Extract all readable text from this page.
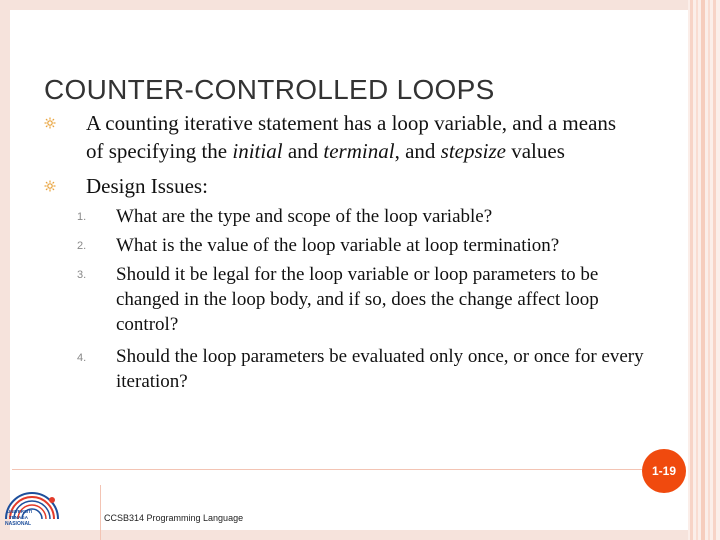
COUNTER-CONTROLLED LOOPS
A counting iterative statement has a loop variable, and a means
of specifying the initial and terminal, and stepsize values
Design Issues:
1.	What are the type and scope of the loop variable?
2.	What is the value of the loop variable at loop termination?
3.	Should it be legal for the loop variable or loop parameters to be
changed in the loop body, and if so, does the change affect loop
control?
4.	Should the loop parameters be evaluated only once, or once for every
iteration?
1-19
CCSB314 Programming Language
UNIVERSITI
TENAGA
NASIONAL
